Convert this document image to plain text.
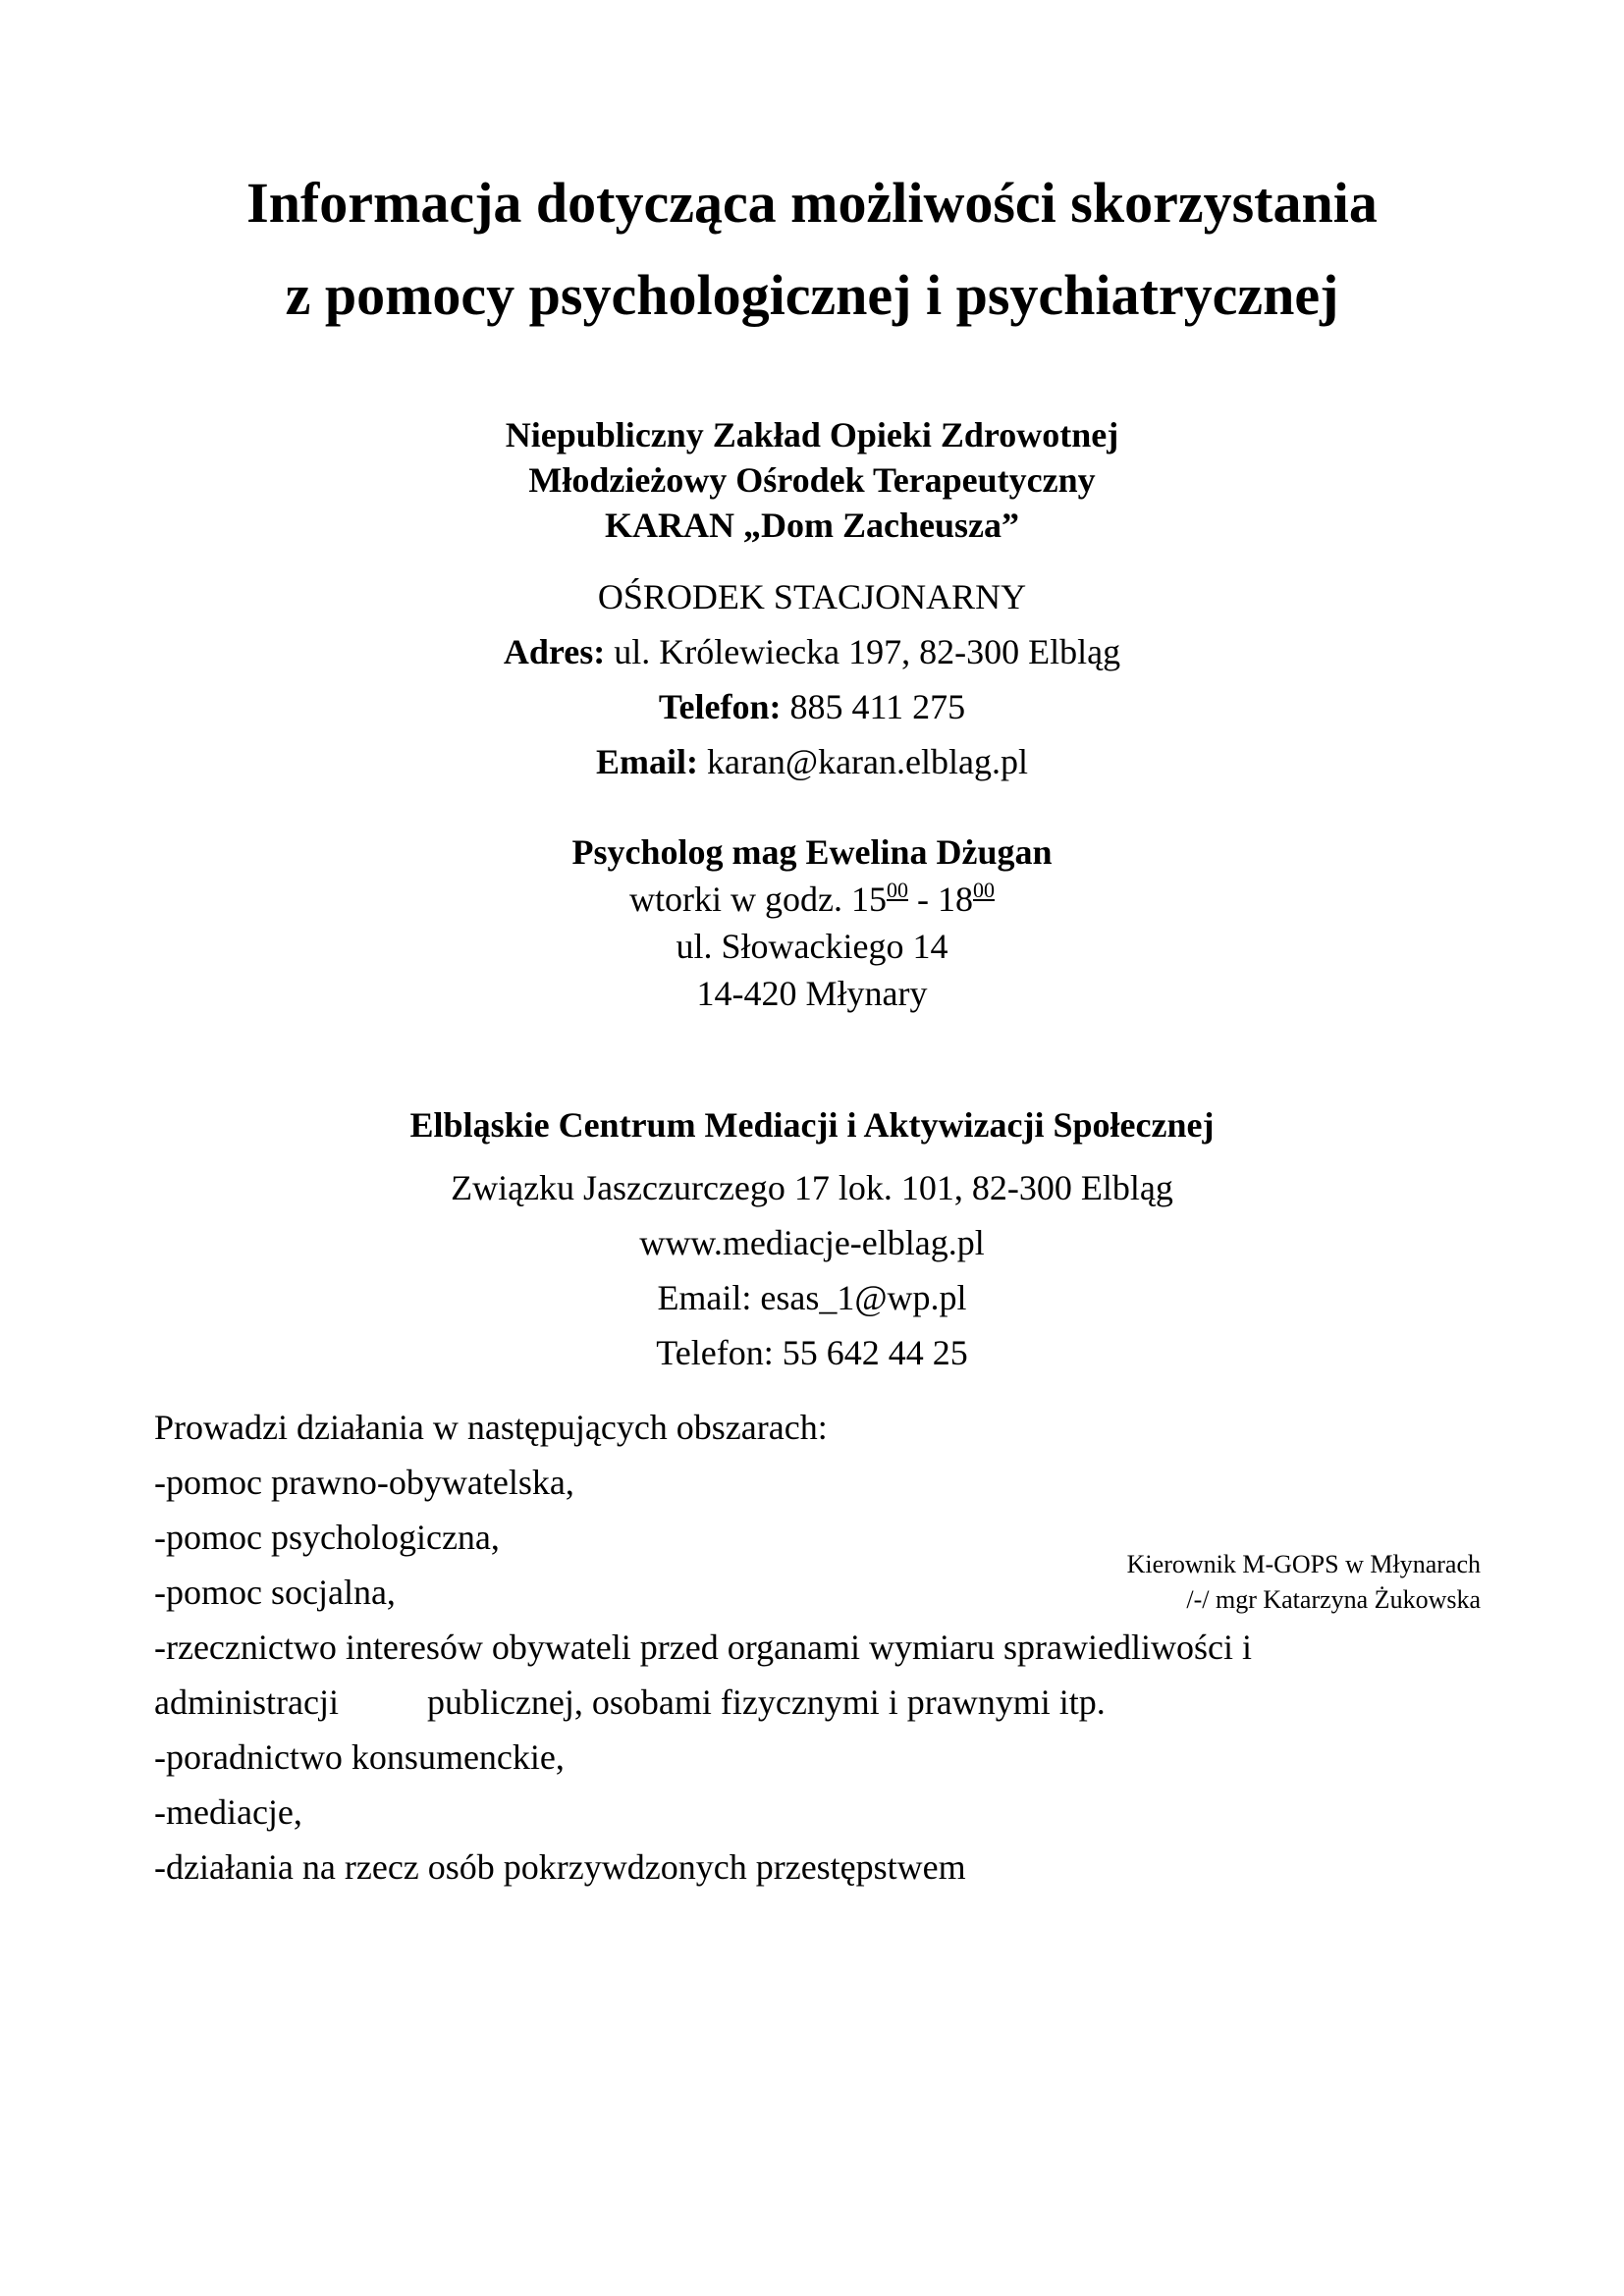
Informacja dotycząca możliwości skorzystania
z pomocy psychologicznej i psychiatrycznej
Niepubliczny Zakład Opieki Zdrowotnej
Młodzieżowy Ośrodek Terapeutyczny
KARAN „Dom Zacheusza”
OŚRODEK STACJONARNY
Adres: ul. Królewiecka 197, 82-300 Elbląg
Telefon: 885 411 275
Email: karan@karan.elblag.pl
Psycholog mag Ewelina Dżugan
wtorki w godz. $15^{00} - 18^{00}$
ul. Słowackiego 14
14-420 Młynary
Elbląskie Centrum Mediacji i Aktywizacji Społecznej
Związku Jaszczurczego 17 lok. 101, 82-300 Elbląg
www.mediacje-elblag.pl
Email: esas_1@wp.pl
Telefon: 55 642 44 25
Prowadzi działania w następujących obszarach:
-pomoc prawno-obywatelska,
-pomoc psychologiczna,
-pomoc socjalna,
-rzecznictwo interesów obywateli przed organami wymiaru sprawiedliwości i
administracji          publicznej, osobami fizycznymi i prawnymi itp.
-poradnictwo konsumenckie,
-mediacje,
-działania na rzecz osób pokrzywdzonych przestępstwem
Kierownik M-GOPS w Młynarach
/-/ mgr Katarzyna Żukowska
